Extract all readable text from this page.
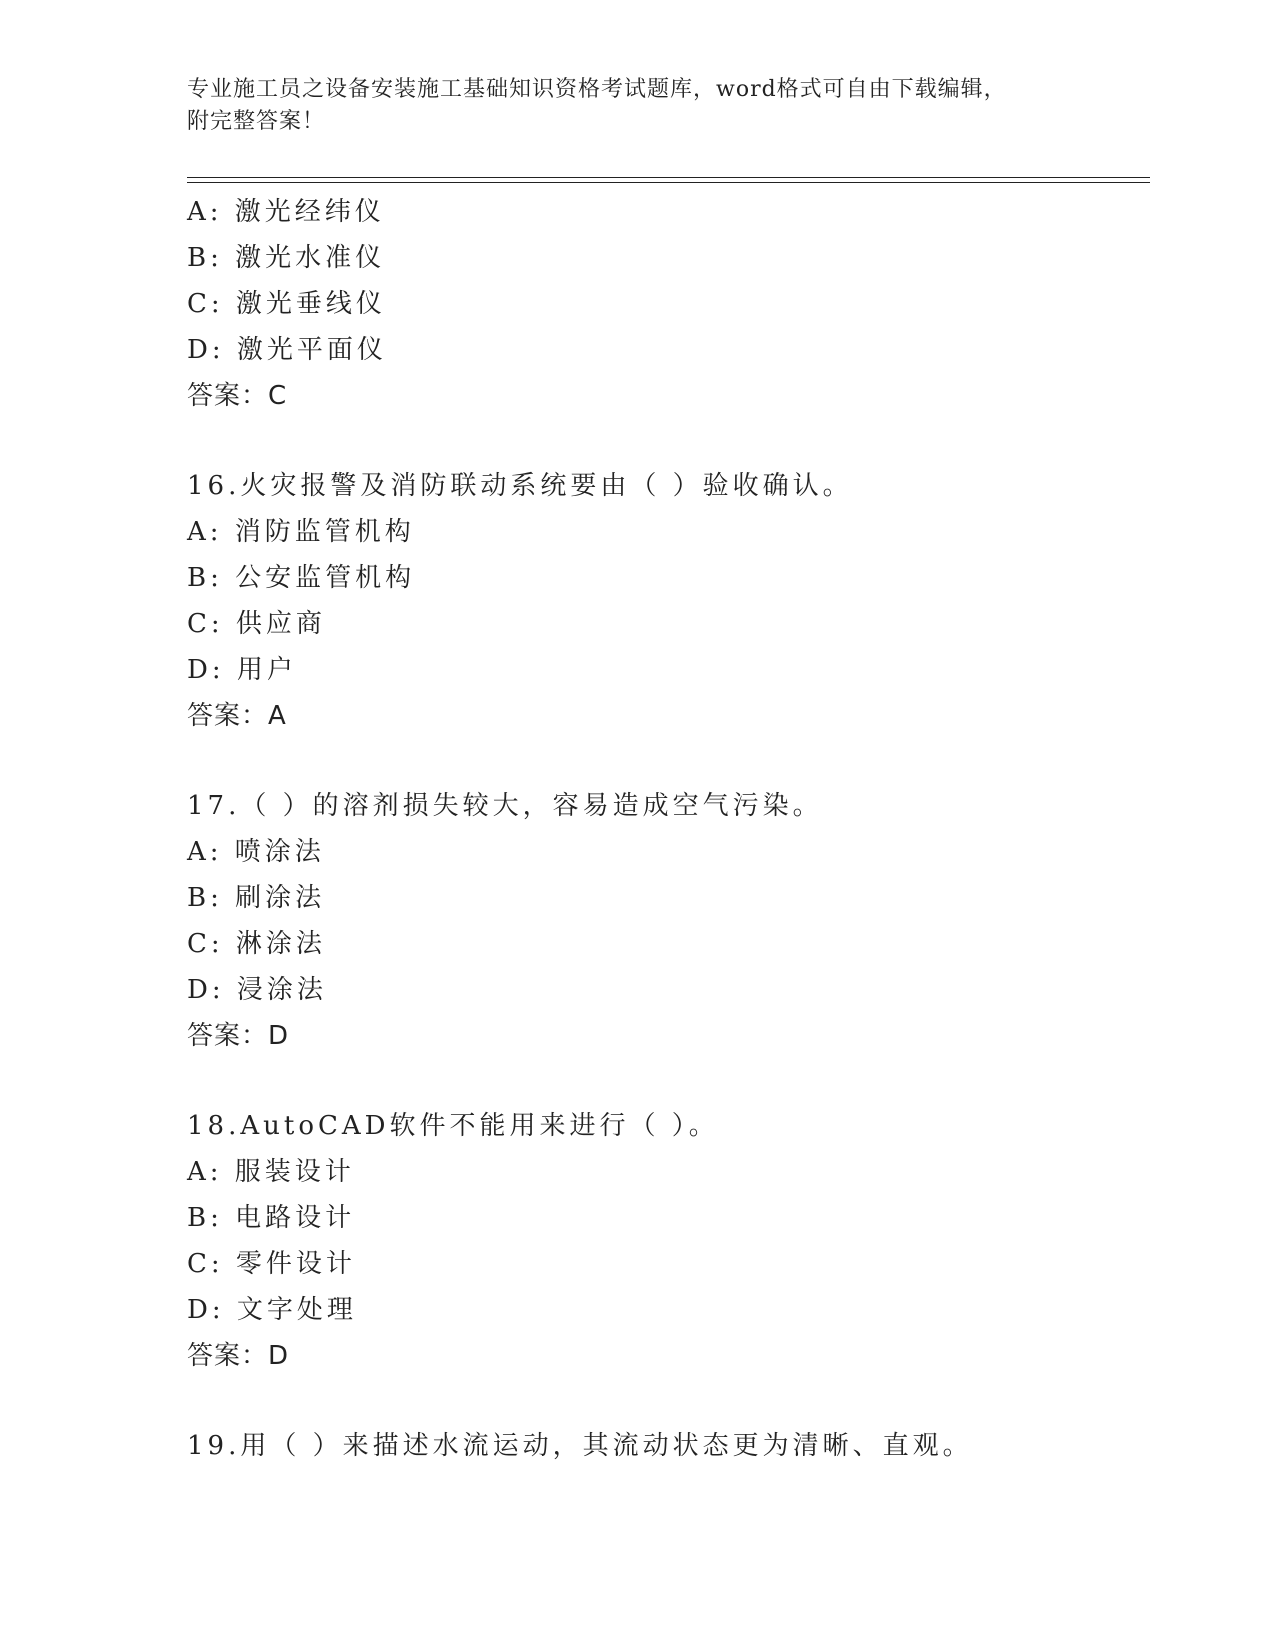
专业施工员之设备安装施工基础知识资格考试题库，word格式可自由下载编辑，
附完整答案！
A: 激光经纬仪
B: 激光水准仪
C: 激光垂线仪
D: 激光平面仪
答案：C
16.火灾报警及消防联动系统要由（ ）验收确认。
A: 消防监管机构
B: 公安监管机构
C: 供应商
D: 用户
答案：A
17.（ ）的溶剂损失较大，容易造成空气污染。
A: 喷涂法
B: 刷涂法
C: 淋涂法
D: 浸涂法
答案：D
18.AutoCAD软件不能用来进行（ ）。
A: 服装设计
B: 电路设计
C: 零件设计
D: 文字处理
答案：D
19.用（ ）来描述水流运动，其流动状态更为清晰、直观。
